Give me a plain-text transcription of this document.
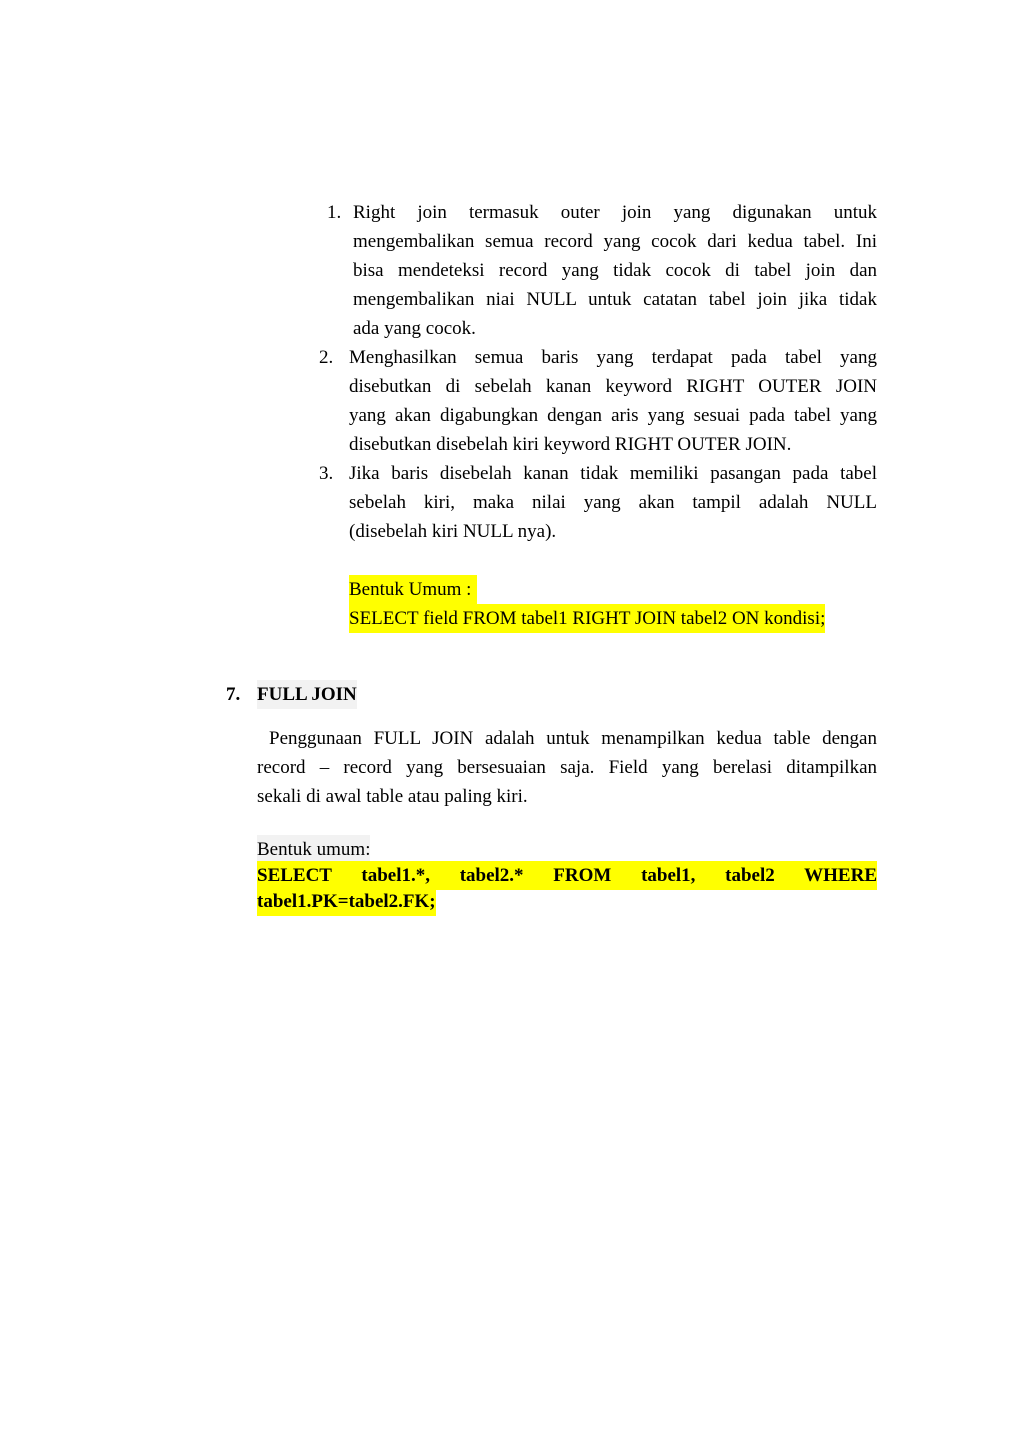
1. Right join termasuk outer join yang digunakan untuk
mengembalikan semua record yang cocok dari kedua tabel. Ini
bisa mendeteksi record yang tidak cocok di tabel join dan
mengembalikan niai NULL untuk catatan tabel join jika tidak
ada yang cocok.
2. Menghasilkan semua baris yang terdapat pada tabel yang
disebutkan di sebelah kanan keyword RIGHT OUTER JOIN
yang akan digabungkan dengan aris yang sesuai pada tabel yang
disebutkan disebelah kiri keyword RIGHT OUTER JOIN.
3. Jika baris disebelah kanan tidak memiliki pasangan pada tabel
sebelah kiri, maka nilai yang akan tampil adalah NULL
(disebelah kiri NULL nya).
Bentuk Umum :
SELECT field FROM tabel1 RIGHT JOIN tabel2 ON kondisi;
7. FULL JOIN
Penggunaan FULL JOIN adalah untuk menampilkan kedua table dengan
record – record yang bersesuaian saja. Field yang berelasi ditampilkan
sekali di awal table atau paling kiri.
Bentuk umum:
SELECT tabel1.*, tabel2.* FROM tabel1, tabel2 WHERE
tabel1.PK=tabel2.FK;
